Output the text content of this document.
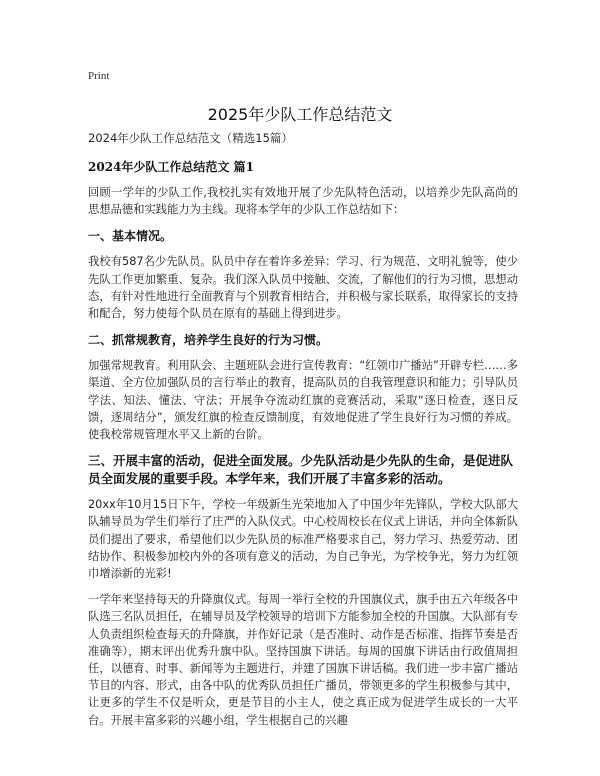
Print
2025年少队工作总结范文
2024年少队工作总结范文（精选15篇）
2024年少队工作总结范文 篇1

回顾一学年的少队工作,我校扎实有效地开展了少先队特色活动，以培养少先队高尚的思想品德和实践能力为主线。现将本学年的少队工作总结如下：

一、基本情况。

我校有587名少先队员。队员中存在着许多差异：学习、行为规范、文明礼貌等，使少先队工作更加繁重、复杂。我们深入队员中接触、交流，了解他们的行为习惯，思想动态，有针对性地进行全面教育与个别教育相结合，并积极与家长联系，取得家长的支持和配合，努力使每个队员在原有的基础上得到进步。

二、抓常规教育，培养学生良好的行为习惯。

加强常规教育。利用队会、主题班队会进行宣传教育：“红领巾广播站”开辟专栏……多渠道、全方位加强队员的言行举止的教育，提高队员的自我管理意识和能力；引导队员学法、知法、懂法、守法；开展争夺流动红旗的竞赛活动，采取“逐日检查，逐日反馈，逐周结分”，颁发红旗的检查反馈制度，有效地促进了学生良好行为习惯的养成。使我校常规管理水平又上新的台阶。

三、开展丰富的活动，促进全面发展。少先队活动是少先队的生命，是促进队员全面发展的重要手段。本学年来，我们开展了丰富多彩的活动。

20xx年10月15日下午，学校一年级新生光荣地加入了中国少年先锋队，学校大队部大队辅导员为学生们举行了庄严的入队仪式。中心校周校长在仪式上讲话，并向全体新队员们提出了要求，希望他们以少先队员的标准严格要求自己，努力学习、热爱劳动、团结协作、积极参加校内外的各项有意义的活动，为自己争光，为学校争光，努力为红领巾增添新的光彩!

一学年来坚持每天的升降旗仪式。每周一举行全校的升国旗仪式，旗手由五六年级各中队选三名队员担任，在辅导员及学校领导的培训下方能参加全校的升国旗。大队部有专人负责组织检查每天的升降旗，并作好记录（是否准时、动作是否标准、指挥节奏是否准确等），期末评出优秀升旗中队。坚持国旗下讲话。每周的国旗下讲话由行政值周担任，以德育、时事、新闻等为主题进行，并建了国旗下讲话稿。我们进一步丰富广播站节目的内容、形式，由各中队的优秀队员担任广播员，带领更多的学生积极参与其中，让更多的学生不仅是听众，更是节目的小主人，使之真正成为促进学生成长的一大平台。开展丰富多彩的兴趣小组，学生根据自己的兴趣
